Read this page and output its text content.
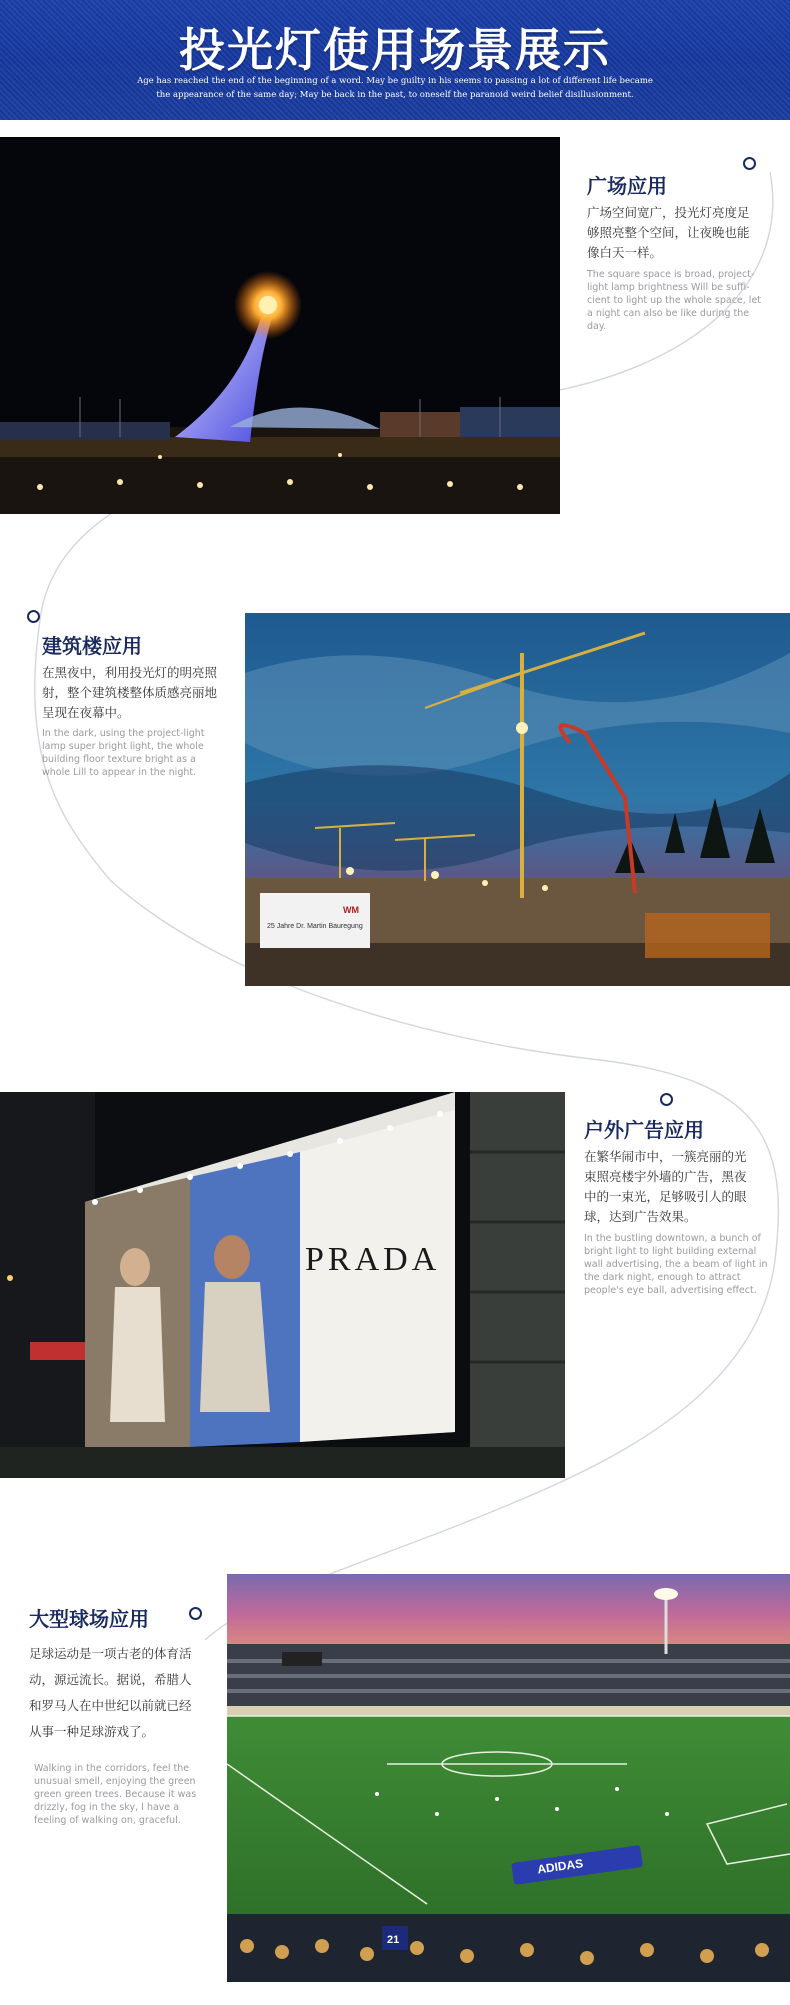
投光灯使用场景展示
Age has reached the end of the beginning of a word. May be guilty in his seems to passing a lot of different life became the appearance of the same day; May be back in the past, to oneself the paranoid weird belief disillusionment.
广场应用
广场空间宽广，投光灯亮度足够照亮整个空间，让夜晚也能像白天一样。
The square space is broad, project-light lamp brightness Will be suffi-cient to light up the whole space, let a night can also be like during the day.
建筑楼应用
在黑夜中，利用投光灯的明亮照射，整个建筑楼整体质感亮丽地呈现在夜幕中。
In the dark, using the project-light lamp super bright light, the whole building floor texture bright as a whole Lill to appear in the night.
25 Jahre Dr. Martin Bauregung
WM
PRADA
户外广告应用
在繁华闹市中，一簇亮丽的光束照亮楼宇外墙的广告，黑夜中的一束光，足够吸引人的眼球，达到广告效果。
In the bustling downtown, a bunch of bright light to light building external wall advertising, the a beam of light in the dark night, enough to attract people's eye ball, advertising effect.
大型球场应用
足球运动是一项古老的体育活动，源远流长。据说，希腊人和罗马人在中世纪以前就已经从事一种足球游戏了。
Walking in the corridors, feel the unusual smell, enjoying the green green green trees. Because it was drizzly, fog in the sky, I have a feeling of walking on, graceful.
ADIDAS
21
